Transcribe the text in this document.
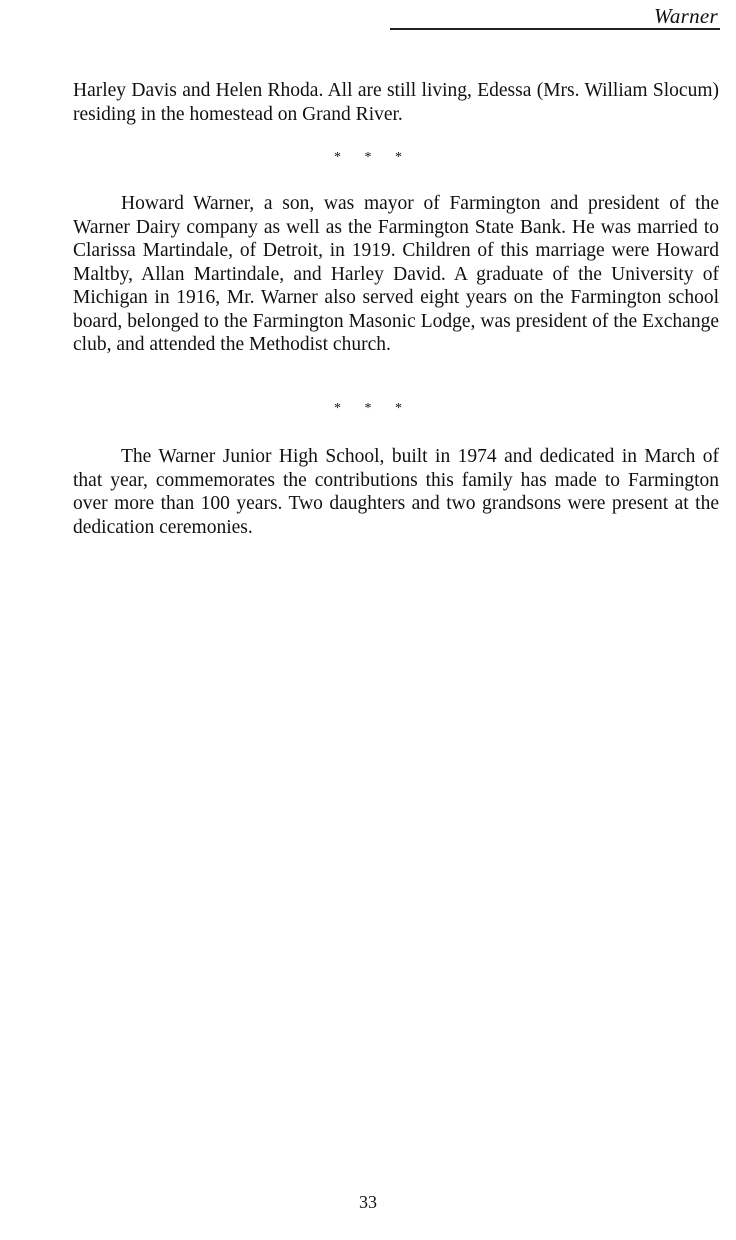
Warner

Harley Davis and Helen Rhoda. All are still living, Edessa (Mrs. William Slocum) residing in the homestead on Grand River.

* * *

Howard Warner, a son, was mayor of Farmington and president of the Warner Dairy company as well as the Farmington State Bank. He was married to Clarissa Martindale, of Detroit, in 1919. Children of this marriage were Howard Maltby, Allan Martindale, and Harley David. A graduate of the University of Michigan in 1916, Mr. Warner also served eight years on the Farmington school board, belonged to the Farmington Masonic Lodge, was president of the Exchange club, and attended the Methodist church.

* * *

The Warner Junior High School, built in 1974 and dedicated in March of that year, commemorates the contributions this family has made to Farmington over more than 100 years. Two daughters and two grandsons were present at the dedication ceremonies.

33
